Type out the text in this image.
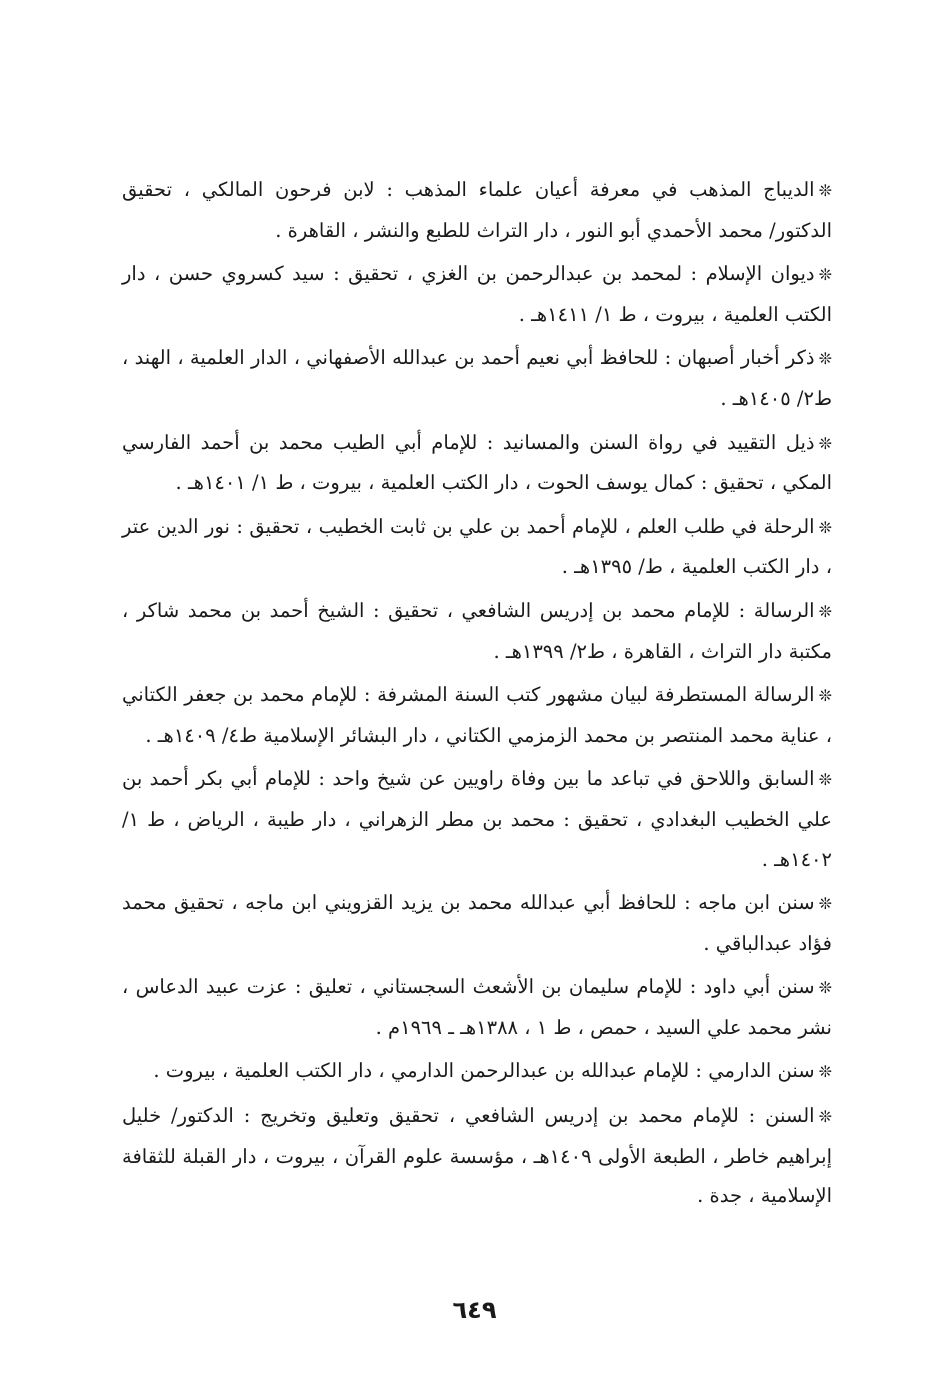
❊الديباج المذهب في معرفة أعيان علماء المذهب : لابن فرحون المالكي ، تحقيق الدكتور/ محمد الأحمدي أبو النور ، دار التراث للطبع والنشر ، القاهرة .

❊ديوان الإسلام : لمحمد بن عبدالرحمن بن الغزي ، تحقيق : سيد كسروي حسن ، دار الكتب العلمية ، بيروت ، ط ١/ ١٤١١هـ .

❊ذكر أخبار أصبهان : للحافظ أبي نعيم أحمد بن عبدالله الأصفهاني ، الدار العلمية ، الهند ، ط٢/ ١٤٠٥هـ .

❊ذيل التقييد في رواة السنن والمسانيد : للإمام أبي الطيب محمد بن أحمد الفارسي المكي ، تحقيق : كمال يوسف الحوت ، دار الكتب العلمية ، بيروت ، ط ١/ ١٤٠١هـ .

❊الرحلة في طلب العلم ، للإمام أحمد بن علي بن ثابت الخطيب ، تحقيق : نور الدين عتر ، دار الكتب العلمية ، ط/ ١٣٩٥هـ .

❊الرسالة : للإمام محمد بن إدريس الشافعي ، تحقيق : الشيخ أحمد بن محمد شاكر ، مكتبة دار التراث ، القاهرة ، ط٢/ ١٣٩٩هـ .

❊الرسالة المستطرفة لبيان مشهور كتب السنة المشرفة : للإمام محمد بن جعفر الكتاني ، عناية محمد المنتصر بن محمد الزمزمي الكتاني ، دار البشائر الإسلامية ط٤/ ١٤٠٩هـ .

❊السابق واللاحق في تباعد ما بين وفاة راويين عن شيخ واحد : للإمام أبي بكر أحمد بن علي الخطيب البغدادي ، تحقيق : محمد بن مطر الزهراني ، دار طيبة ، الرياض ، ط ١/ ١٤٠٢هـ .

❊سنن ابن ماجه : للحافظ أبي عبدالله محمد بن يزيد القزويني ابن ماجه ، تحقيق محمد فؤاد عبدالباقي .

❊سنن أبي داود : للإمام سليمان بن الأشعث السجستاني ، تعليق : عزت عبيد الدعاس ، نشر محمد علي السيد ، حمص ، ط ١ ، ١٣٨٨هـ ـ ١٩٦٩م .

❊سنن الدارمي : للإمام عبدالله بن عبدالرحمن الدارمي ، دار الكتب العلمية ، بيروت .

❊السنن : للإمام محمد بن إدريس الشافعي ، تحقيق وتعليق وتخريج : الدكتور/ خليل إبراهيم خاطر ، الطبعة الأولى ١٤٠٩هـ ، مؤسسة علوم القرآن ، بيروت ، دار القبلة للثقافة الإسلامية ، جدة .

٦٤٩
